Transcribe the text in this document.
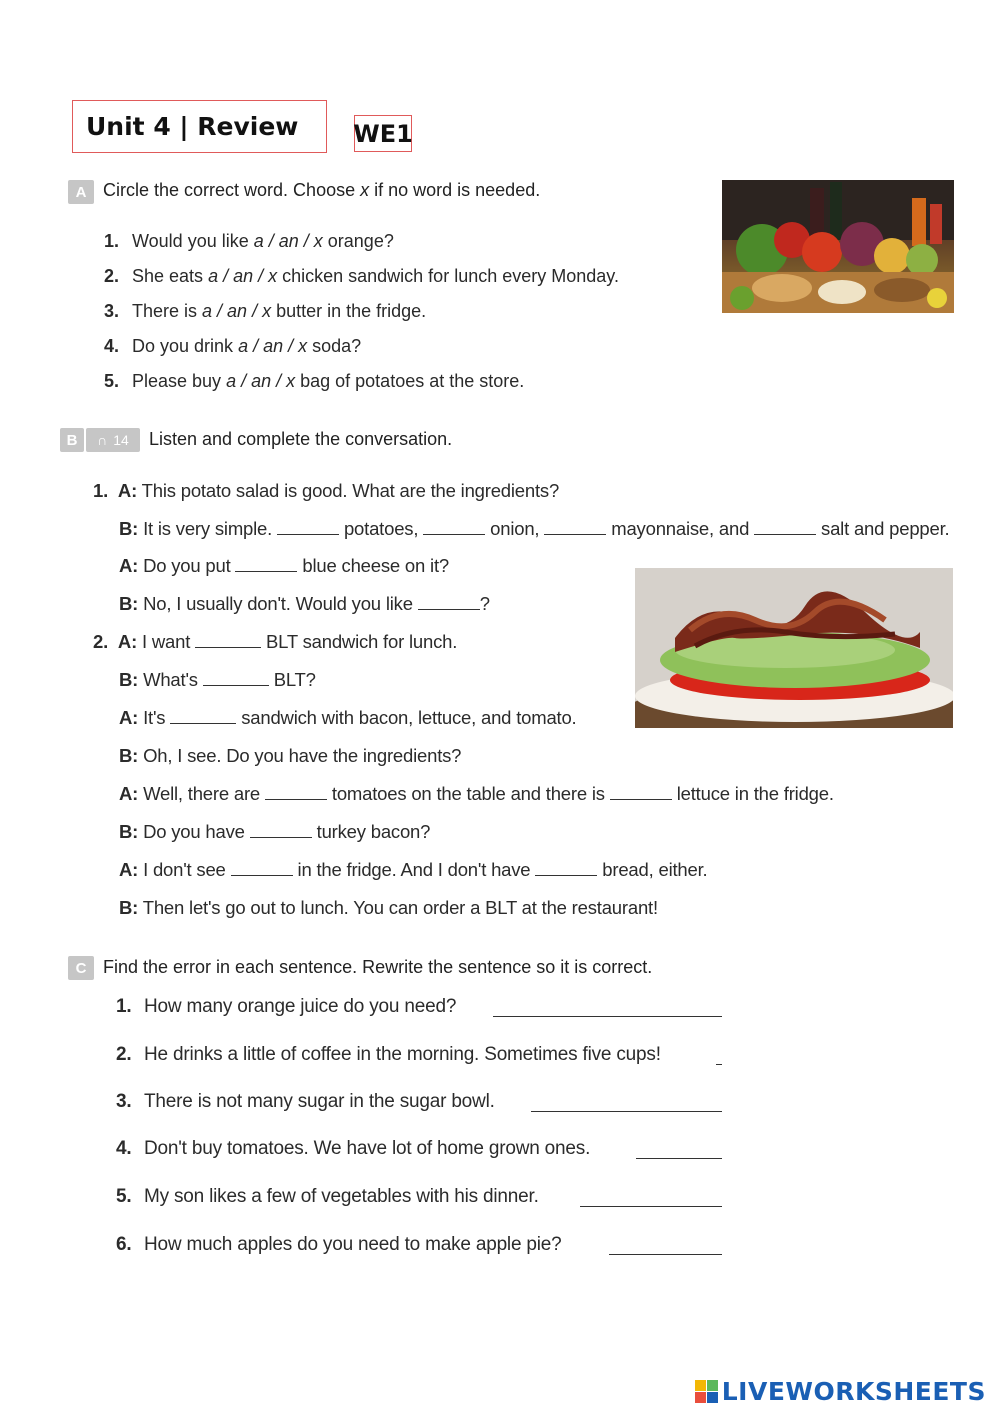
Unit 4 | Review WE1
A Circle the correct word. Choose x if no word is needed.
1. Would you like a / an / x orange?
2. She eats a / an / x chicken sandwich for lunch every Monday.
3. There is a / an / x butter in the fridge.
4. Do you drink a / an / x soda?
5. Please buy a / an / x bag of potatoes at the store.
B	∩ 14 Listen and complete the conversation.
1. A: This potato salad is good. What are the ingredients?
B: It is very simple.	potatoes,	onion,	mayonnaise, and	salt and pepper.
A: Do you put	blue cheese on it?
B: No, I usually don't. Would you like	?
2. A: I want	BLT sandwich for lunch.
B: What's	BLT?
A: It's	sandwich with bacon, lettuce, and tomato.
B: Oh, I see. Do you have the ingredients?
A: Well, there are	tomatoes on the table and there is	lettuce in the fridge.
B: Do you have	turkey bacon?
A: I don't see	in the fridge. And I don't have	bread, either.
B: Then let's go out to lunch. You can order a BLT at the restaurant!
C Find the error in each sentence. Rewrite the sentence so it is correct.
1. How many orange juice do you need?
2. He drinks a little of coffee in the morning. Sometimes five cups!
3. There is not many sugar in the sugar bowl.
4. Don't buy tomatoes. We have lot of home grown ones.
5. My son likes a few of vegetables with his dinner.
6. How much apples do you need to make apple pie?
LIVEWORKSHEETS
